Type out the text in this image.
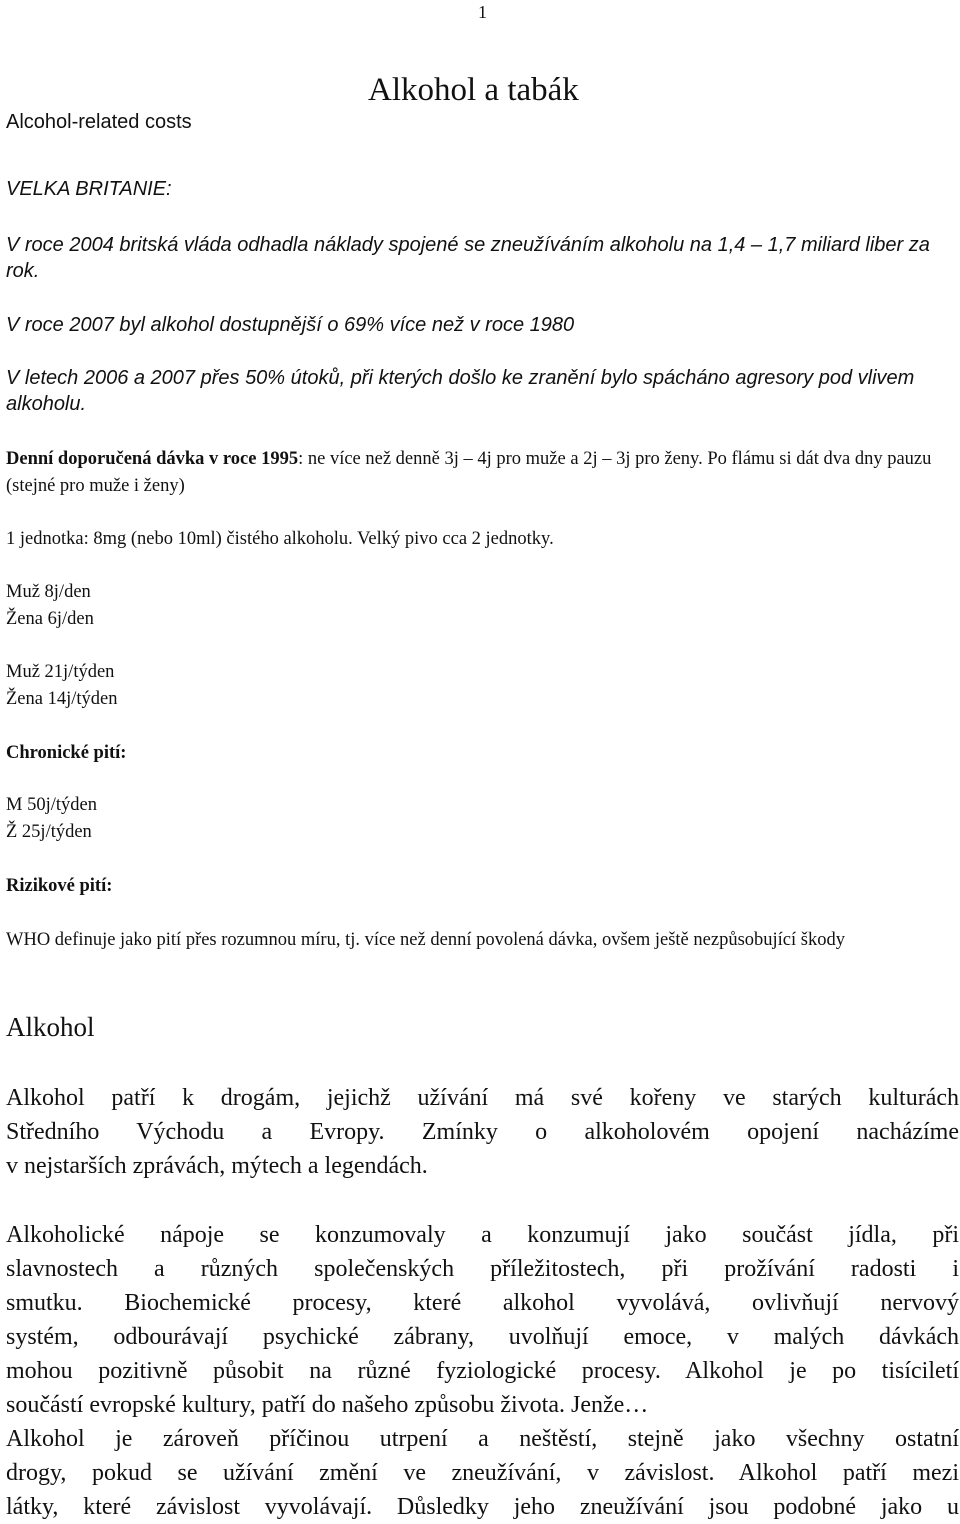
1
Alkohol a tabák
Alcohol-related costs
VELKA BRITANIE:

V roce 2004 britská vláda odhadla náklady spojené se zneužíváním alkoholu na 1,4 – 1,7 miliard liber za rok.

V roce 2007 byl alkohol dostupnější o 69% více než v roce 1980

V letech 2006 a 2007 přes 50% útoků, při kterých došlo ke zranění bylo spácháno agresory pod vlivem alkoholu.

Denní doporučená dávka v roce 1995: ne více než denně 3j – 4j pro muže a 2j – 3j pro ženy. Po flámu si dát dva dny pauzu (stejné pro muže i ženy)

1 jednotka: 8mg (nebo 10ml) čistého alkoholu. Velký pivo cca 2 jednotky.

Muž 8j/den
Žena 6j/den
Muž 21j/týden
Žena 14j/týden
Chronické pití:
M 50j/týden
Ž 25j/týden
Rizikové pití:

WHO definuje jako pití přes rozumnou míru, tj. více než denní povolená dávka, ovšem ještě nezpůsobující škody

Alkohol
Alkohol patří k drogám, jejichž užívání má své kořeny ve starých kulturách
Středního Východu a Evropy. Zmínky o alkoholovém opojení nacházíme
v nejstarších zprávách, mýtech a legendách.
Alkoholické nápoje se konzumovaly a konzumují jako součást jídla, při
slavnostech a různých společenských příležitostech, při prožívání radosti i
smutku. Biochemické procesy, které alkohol vyvolává, ovlivňují nervový
systém, odbourávají psychické zábrany, uvolňují emoce, v malých dávkách
mohou pozitivně působit na různé fyziologické procesy. Alkohol je po tisíciletí
součástí evropské kultury, patří do našeho způsobu života. Jenže…
Alkohol je zároveň příčinou utrpení a neštěstí, stejně jako všechny ostatní
drogy, pokud se užívání změní ve zneužívání, v závislost. Alkohol patří mezi
látky, které závislost vyvolávají. Důsledky jeho zneužívání jsou podobné jako u
